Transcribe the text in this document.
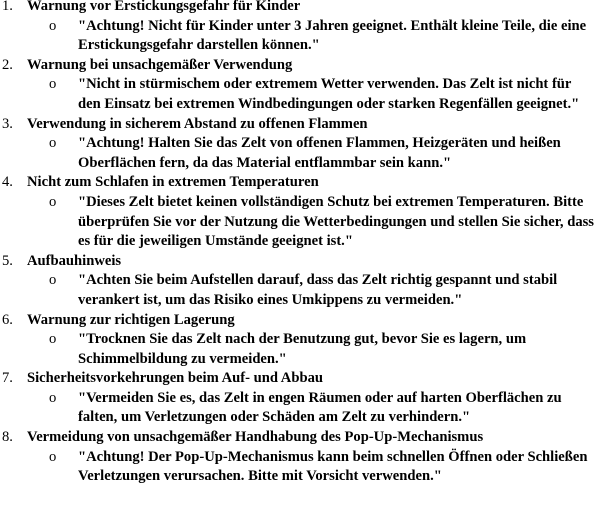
1. Warnung vor Erstickungsgefahr für Kinder
o "Achtung! Nicht für Kinder unter 3 Jahren geeignet. Enthält kleine Teile, die eine Erstickungsgefahr darstellen können."
2. Warnung bei unsachgemäßer Verwendung
o "Nicht in stürmischem oder extremem Wetter verwenden. Das Zelt ist nicht für den Einsatz bei extremen Windbedingungen oder starken Regenfällen geeignet."
3. Verwendung in sicherem Abstand zu offenen Flammen
o "Achtung! Halten Sie das Zelt von offenen Flammen, Heizgeräten und heißen Oberflächen fern, da das Material entflammbar sein kann."
4. Nicht zum Schlafen in extremen Temperaturen
o "Dieses Zelt bietet keinen vollständigen Schutz bei extremen Temperaturen. Bitte überprüfen Sie vor der Nutzung die Wetterbedingungen und stellen Sie sicher, dass es für die jeweiligen Umstände geeignet ist."
5. Aufbauhinweis
o "Achten Sie beim Aufstellen darauf, dass das Zelt richtig gespannt und stabil verankert ist, um das Risiko eines Umkippens zu vermeiden."
6. Warnung zur richtigen Lagerung
o "Trocknen Sie das Zelt nach der Benutzung gut, bevor Sie es lagern, um Schimmelbildung zu vermeiden."
7. Sicherheitsvorkehrungen beim Auf- und Abbau
o "Vermeiden Sie es, das Zelt in engen Räumen oder auf harten Oberflächen zu falten, um Verletzungen oder Schäden am Zelt zu verhindern."
8. Vermeidung von unsachgemäßer Handhabung des Pop-Up-Mechanismus
o "Achtung! Der Pop-Up-Mechanismus kann beim schnellen Öffnen oder Schließen Verletzungen verursachen. Bitte mit Vorsicht verwenden."
